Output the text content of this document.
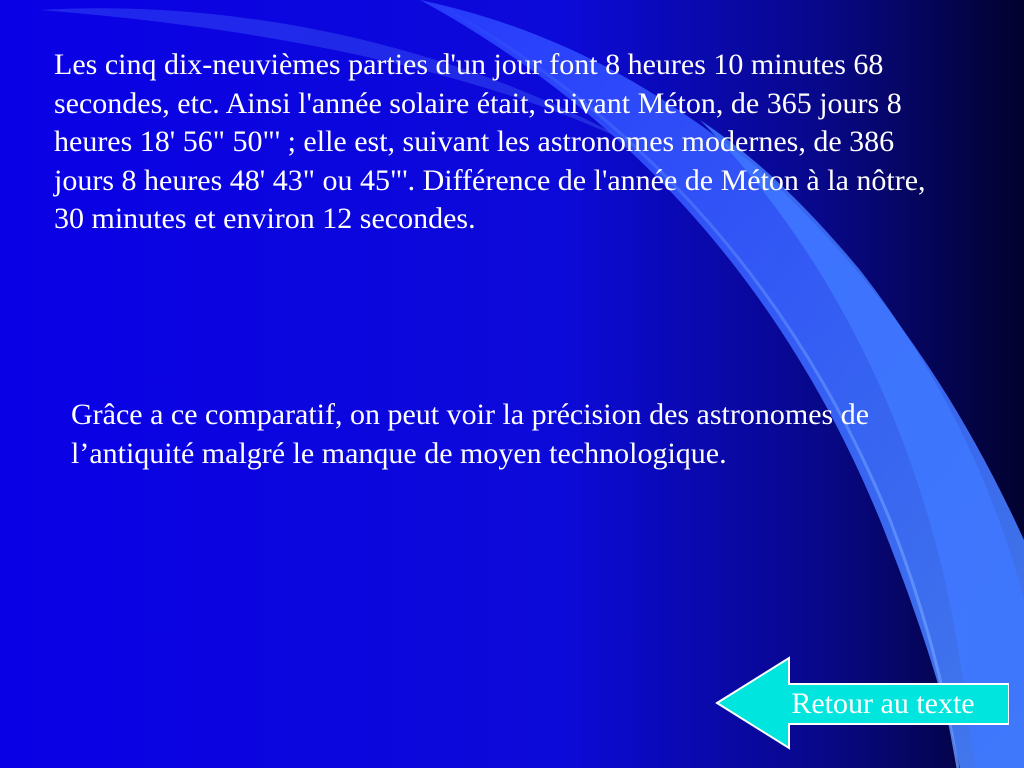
Les cinq dix-neuvièmes parties d'un jour font 8 heures 10 minutes 68 secondes, etc. Ainsi l'année solaire était, suivant Méton, de 365 jours 8 heures 18' 56" 50"' ; elle est, suivant les astronomes modernes, de 386 jours 8 heures 48' 43" ou 45"'. Différence de l'année de Méton à la nôtre, 30 minutes et environ 12 secondes.

Grâce a ce comparatif, on peut voir la précision des astronomes de l’antiquité malgré le manque de moyen technologique.

Retour au texte
